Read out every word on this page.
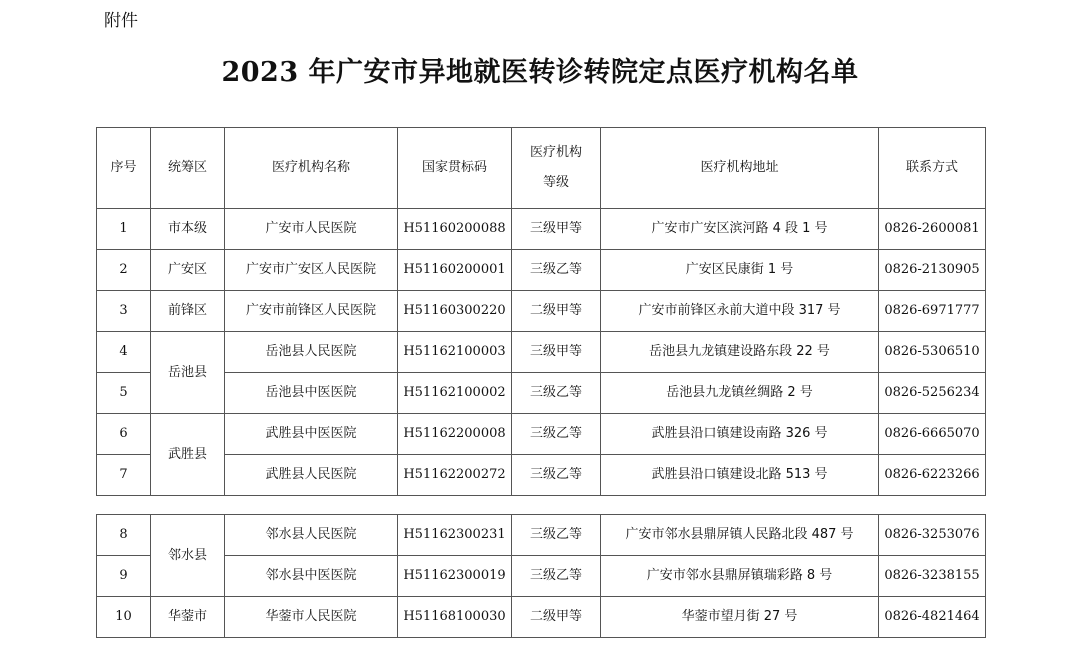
附件
2023 年广安市异地就医转诊转院定点医疗机构名单
序号	统筹区	医疗机构名称	国家贯标码	医疗机构
等级	医疗机构地址	联系方式
1	市本级	广安市人民医院	H51160200088	三级甲等	广安市广安区滨河路 4 段 1 号	0826-2600081
2	广安区	广安市广安区人民医院	H51160200001	三级乙等	广安区民康街 1 号	0826-2130905
3	前锋区	广安市前锋区人民医院	H51160300220	二级甲等	广安市前锋区永前大道中段 317 号	0826-6971777
4	岳池县	岳池县人民医院	H51162100003	三级甲等	岳池县九龙镇建设路东段 22 号	0826-5306510
5		岳池县中医医院	H51162100002	三级乙等	岳池县九龙镇丝绸路 2 号	0826-5256234
6	武胜县	武胜县中医医院	H51162200008	三级乙等	武胜县沿口镇建设南路 326 号	0826-6665070
7		武胜县人民医院	H51162200272	三级乙等	武胜县沿口镇建设北路 513 号	0826-6223266
8	邻水县	邻水县人民医院	H51162300231	三级乙等	广安市邻水县鼎屏镇人民路北段 487 号	0826-3253076
9		邻水县中医医院	H51162300019	三级乙等	广安市邻水县鼎屏镇瑞彩路 8 号	0826-3238155
10	华蓥市	华蓥市人民医院	H51168100030	二级甲等	华蓥市望月街 27 号	0826-4821464
